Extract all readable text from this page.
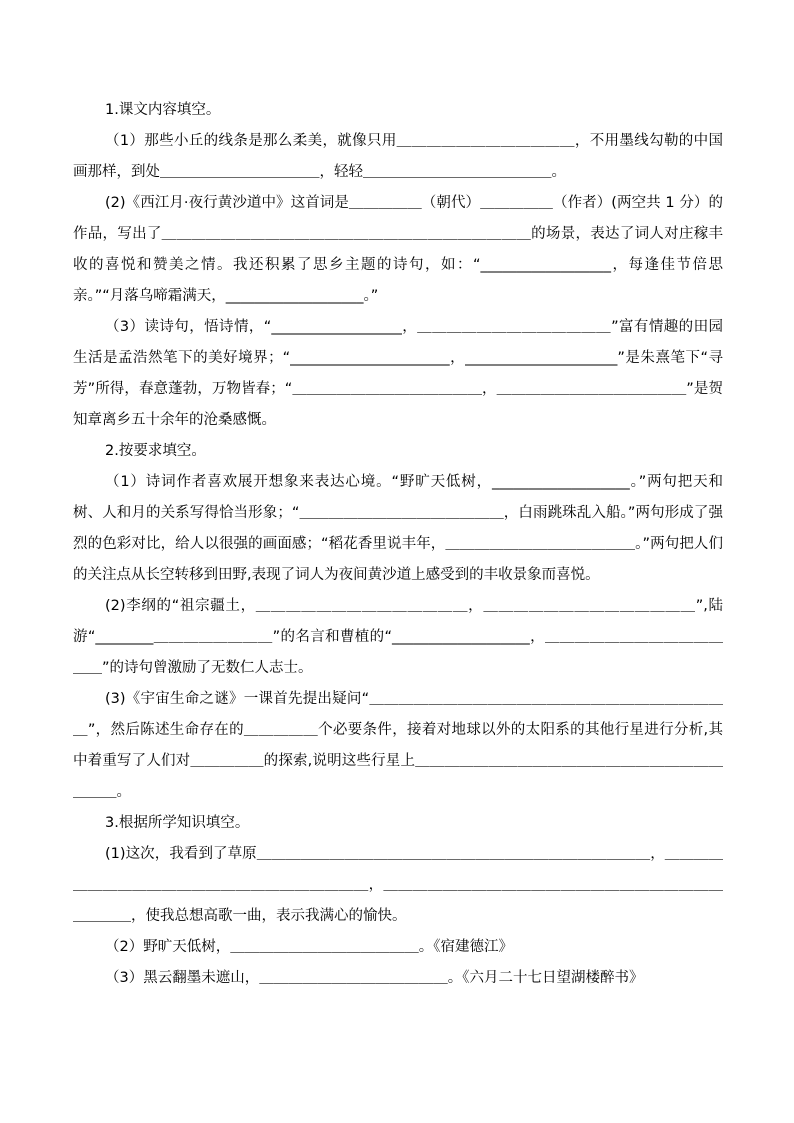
1.课文内容填空。
（1）那些小丘的线条是那么柔美，就像只用＿＿＿＿＿＿＿＿＿＿＿＿，不用墨线勾勒的中国画那样，到处＿＿＿＿＿＿＿＿＿＿＿，轻轻＿＿＿＿＿＿＿＿＿＿＿＿＿。
(2)《西江月·夜行黄沙道中》这首词是＿＿＿＿＿（朝代）＿＿＿＿＿（作者）(两空共 1 分）的作品，写出了＿＿＿＿＿＿＿＿＿＿＿＿＿＿＿＿＿＿＿＿＿＿＿＿＿的场景，表达了词人对庄稼丰收的喜悦和赞美之情。我还积累了思乡主题的诗句，如：“__________________，每逢佳节倍思亲。”“月落乌啼霜满天，___________________。”
（3）读诗句，悟诗情，“__________________，＿＿＿＿＿＿＿＿＿＿＿＿＿”富有情趣的田园生活是孟浩然笔下的美好境界；“______________________，_____________________”是朱熹笔下“寻芳”所得，春意蓬勃，万物皆春；“＿＿＿＿＿＿＿＿＿＿＿＿＿，＿＿＿＿＿＿＿＿＿＿＿＿＿”是贺知章离乡五十余年的沧桑感慨。
2.按要求填空。
（1）诗词作者喜欢展开想象来表达心境。“野旷天低树，___________________。”两句把天和树、人和月的关系写得恰当形象；“＿＿＿＿＿＿＿＿＿＿＿＿＿＿，白雨跳珠乱入船。”两句形成了强烈的色彩对比，给人以很强的画面感；“稻花香里说丰年，＿＿＿＿＿＿＿＿＿＿＿＿＿。”两句把人们的关注点从长空转移到田野,表现了词人为夜间黄沙道上感受到的丰收景象而喜悦。
(2)李纲的“祖宗疆土，＿＿＿＿＿＿＿＿＿＿＿＿＿＿，＿＿＿＿＿＿＿＿＿＿＿＿＿＿”,陆游“________＿＿＿＿＿＿＿＿”的名言和曹植的“___________________，＿＿＿＿＿＿＿＿＿＿＿＿＿＿”的诗句曾激励了无数仁人志士。
(3)《宇宙生命之谜》一课首先提出疑问“＿＿＿＿＿＿＿＿＿＿＿＿＿＿＿＿＿＿＿＿＿＿＿＿＿”，然后陈述生命存在的＿＿＿＿＿个必要条件，接着对地球以外的太阳系的其他行星进行分析,其中着重写了人们对＿＿＿＿＿的探索,说明这些行星上＿＿＿＿＿＿＿＿＿＿＿＿＿＿＿＿＿＿＿＿＿＿＿＿。
3.根据所学知识填空。
(1)这次，我看到了草原＿＿＿＿＿＿＿＿＿＿＿＿＿＿＿＿＿＿＿＿＿＿＿＿＿＿＿，＿＿＿＿＿＿＿＿＿＿＿＿＿＿＿＿＿＿＿＿＿＿＿＿，＿＿＿＿＿＿＿＿＿＿＿＿＿＿＿＿＿＿＿＿＿＿＿＿＿＿＿，使我总想高歌一曲，表示我满心的愉快。
（2）野旷天低树，＿＿＿＿＿＿＿＿＿＿＿＿＿。《宿建德江》
（3）黑云翻墨未遮山，＿＿＿＿＿＿＿＿＿＿＿＿＿。《六月二十七日望湖楼醉书》
